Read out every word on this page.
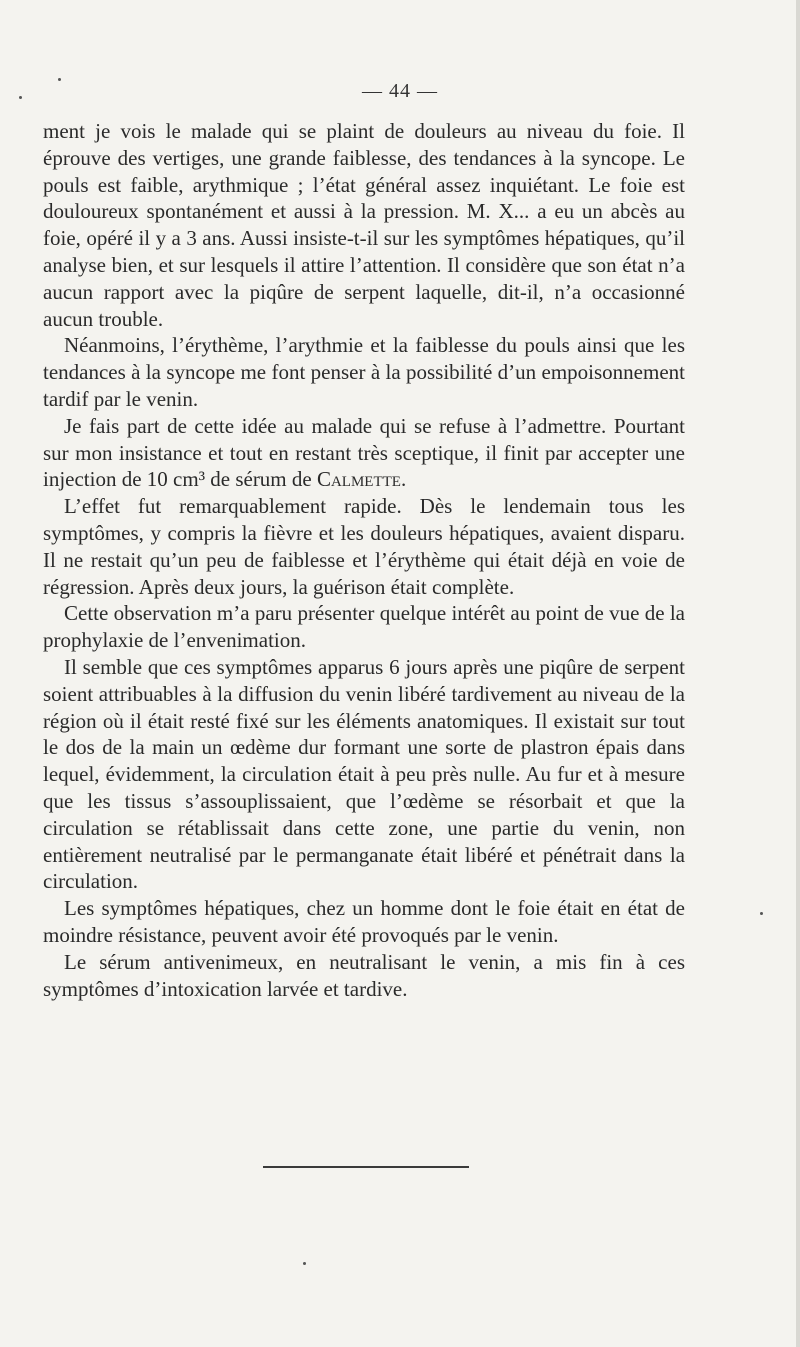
— 44 —

ment je vois le malade qui se plaint de douleurs au niveau du foie. Il éprouve des vertiges, une grande faiblesse, des tendances à la syncope. Le pouls est faible, arythmique ; l’état général assez inquiétant. Le foie est douloureux spontanément et aussi à la pression. M. X... a eu un abcès au foie, opéré il y a 3 ans. Aussi insiste-t-il sur les symptômes hépatiques, qu’il analyse bien, et sur lesquels il attire l’attention. Il considère que son état n’a aucun rapport avec la piqûre de serpent laquelle, dit-il, n’a occasionné aucun trouble.

Néanmoins, l’érythème, l’arythmie et la faiblesse du pouls ainsi que les tendances à la syncope me font penser à la possibilité d’un empoisonnement tardif par le venin.

Je fais part de cette idée au malade qui se refuse à l’admettre. Pourtant sur mon insistance et tout en restant très sceptique, il finit par accepter une injection de 10 cm³ de sérum de Calmette.

L’effet fut remarquablement rapide. Dès le lendemain tous les symptômes, y compris la fièvre et les douleurs hépatiques, avaient disparu. Il ne restait qu’un peu de faiblesse et l’érythème qui était déjà en voie de régression. Après deux jours, la guérison était complète.

Cette observation m’a paru présenter quelque intérêt au point de vue de la prophylaxie de l’envenimation.

Il semble que ces symptômes apparus 6 jours après une piqûre de serpent soient attribuables à la diffusion du venin libéré tardivement au niveau de la région où il était resté fixé sur les éléments anatomiques. Il existait sur tout le dos de la main un œdème dur formant une sorte de plastron épais dans lequel, évidemment, la circulation était à peu près nulle. Au fur et à mesure que les tissus s’assouplissaient, que l’œdème se résorbait et que la circulation se rétablissait dans cette zone, une partie du venin, non entièrement neutralisé par le permanganate était libéré et pénétrait dans la circulation.

Les symptômes hépatiques, chez un homme dont le foie était en état de moindre résistance, peuvent avoir été provoqués par le venin.

Le sérum antivenimeux, en neutralisant le venin, a mis fin à ces symptômes d’intoxication larvée et tardive.
